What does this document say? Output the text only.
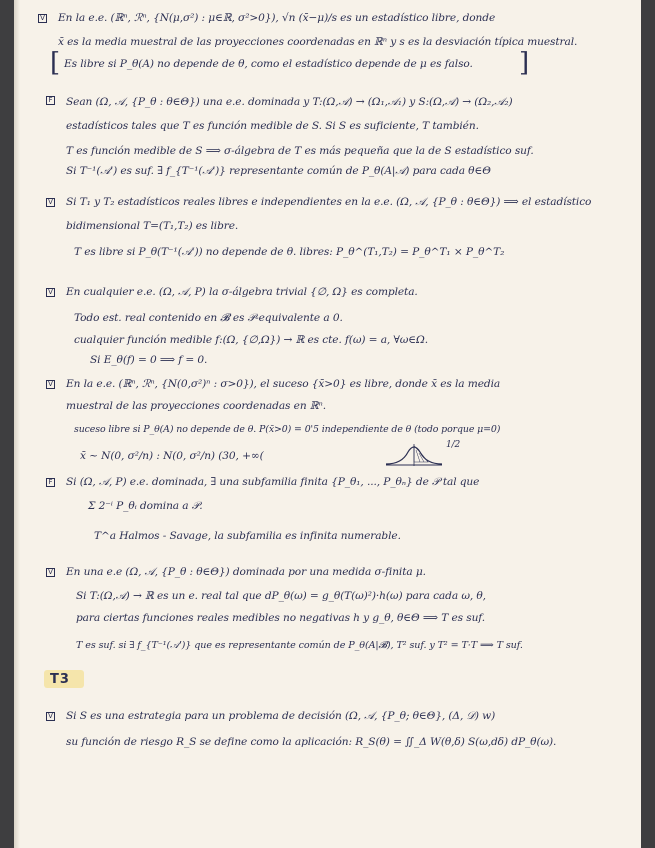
V En la e.e. (ℝⁿ, ℛⁿ, {N(μ,σ²) : μ∈ℝ, σ²>0}), √n (x̄−μ)/s es un estadístico libre, donde
x̄ es la media muestral de las proyecciones coordenadas en ℝⁿ y s es la desviación típica muestral.
[ Es libre si P_θ(A) no depende de θ, como el estadístico depende de μ es falso. ]
F Sean (Ω, 𝒜, {P_θ : θ∈Θ}) una e.e. dominada y T:(Ω,𝒜) → (Ω₁,𝒜₁) y S:(Ω,𝒜) → (Ω₂,𝒜₂)
estadísticos tales que T es función medible de S. Si S es suficiente, T también.
T es función medible de S ⟹ σ-álgebra de T es más pequeña que la de S estadístico suf.
Si T⁻¹(𝒜') es suf. ∃ f_{T⁻¹(𝒜')} representante común de P_θ(A|𝒜) para cada θ∈Θ
V Si T₁ y T₂ estadísticos reales libres e independientes en la e.e. (Ω, 𝒜, {P_θ : θ∈Θ}) ⟹ el estadístico
bidimensional T=(T₁,T₂) es libre.
T es libre si P_θ(T⁻¹(𝒜')) no depende de θ. libres: P_θ^(T₁,T₂) = P_θ^T₁ × P_θ^T₂
V En cualquier e.e. (Ω, 𝒜, P) la σ-álgebra trivial {∅, Ω} es completa.
Todo est. real contenido en 𝓑 es 𝒫-equivalente a 0.
cualquier función medible f:(Ω, {∅,Ω}) → ℝ es cte. f(ω) = a, ∀ω∈Ω.
Si E_θ(f) = 0 ⟹ f = 0.
V En la e.e. (ℝⁿ, ℛⁿ, {N(0,σ²)ⁿ : σ>0}), el suceso {x̄>0} es libre, donde x̄ es la media
muestral de las proyecciones coordenadas en ℝⁿ.
suceso libre si P_θ(A) no depende de θ. P(x̄>0) = 0'5 independiente de θ (todo porque μ=0)
x̄ ~ N(0, σ²/n) : N(0, σ²/n) (30, +∞(
1/2
F Si (Ω, 𝒜, P) e.e. dominada, ∃ una subfamilia finita {P_θ₁, ..., P_θₙ} de 𝒫 tal que
Σ 2⁻ⁱ P_θᵢ domina a 𝒫.
T^a Halmos - Savage, la subfamilia es infinita numerable.
V En una e.e (Ω, 𝒜, {P_θ : θ∈Θ}) dominada por una medida σ-finita μ.
Si T:(Ω,𝒜) → ℝ es un e. real tal que dP_θ(ω) = g_θ(T(ω)²)·h(ω) para cada ω, θ,
para ciertas funciones reales medibles no negativas h y g_θ, θ∈Θ ⟹ T es suf.
T es suf. si ∃ f_{T⁻¹(𝒜')} que es representante común de P_θ(A|𝓑), T² suf. y T² = T·T ⟹ T suf.
T3
V Si S es una estrategia para un problema de decisión (Ω, 𝒜, {P_θ; θ∈Θ}, (Δ, 𝒟) w)
su función de riesgo R_S se define como la aplicación: R_S(θ) = ∬_Δ W(θ,δ) S(ω,dδ) dP_θ(ω).
